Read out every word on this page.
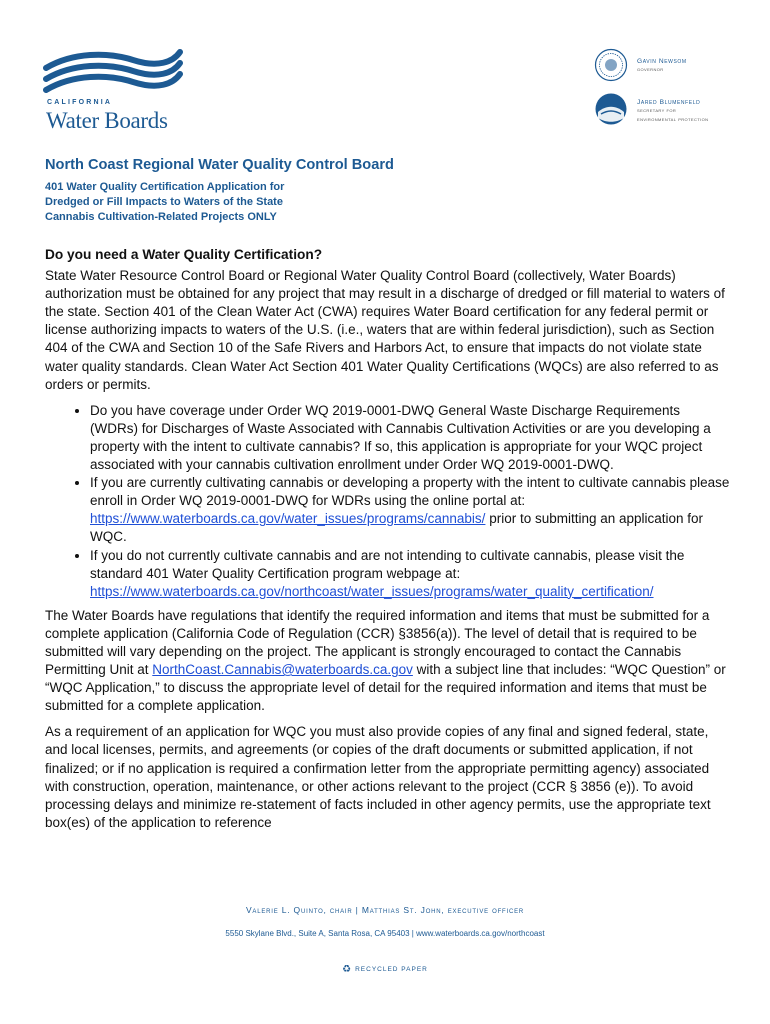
CALIFORNIA
Water Boards
Gavin Newsom
governor
Jared Blumenfeld
secretary for
environmental protection
North Coast Regional Water Quality Control Board
401 Water Quality Certification Application for
Dredged or Fill Impacts to Waters of the State
Cannabis Cultivation-Related Projects ONLY
Do you need a Water Quality Certification?

State Water Resource Control Board or Regional Water Quality Control Board (collectively, Water Boards) authorization must be obtained for any project that may result in a discharge of dredged or fill material to waters of the state. Section 401 of the Clean Water Act (CWA) requires Water Board certification for any federal permit or license authorizing impacts to waters of the U.S. (i.e., waters that are within federal jurisdiction), such as Section 404 of the CWA and Section 10 of the Safe Rivers and Harbors Act, to ensure that impacts do not violate state water quality standards. Clean Water Act Section 401 Water Quality Certifications (WQCs) are also referred to as orders or permits.

• Do you have coverage under Order WQ 2019-0001-DWQ General Waste Discharge Requirements (WDRs) for Discharges of Waste Associated with Cannabis Cultivation Activities or are you developing a property with the intent to cultivate cannabis? If so, this application is appropriate for your WQC project associated with your cannabis cultivation enrollment under Order WQ 2019-0001-DWQ.
• If you are currently cultivating cannabis or developing a property with the intent to cultivate cannabis please enroll in Order WQ 2019-0001-DWQ for WDRs using the online portal at: https://www.waterboards.ca.gov/water_issues/programs/cannabis/ prior to submitting an application for WQC.
• If you do not currently cultivate cannabis and are not intending to cultivate cannabis, please visit the standard 401 Water Quality Certification program webpage at: https://www.waterboards.ca.gov/northcoast/water_issues/programs/water_quality_certification/

The Water Boards have regulations that identify the required information and items that must be submitted for a complete application (California Code of Regulation (CCR) §3856(a)). The level of detail that is required to be submitted will vary depending on the project. The applicant is strongly encouraged to contact the Cannabis Permitting Unit at NorthCoast.Cannabis@waterboards.ca.gov with a subject line that includes: “WQC Question” or “WQC Application,” to discuss the appropriate level of detail for the required information and items that must be submitted for a complete application.

As a requirement of an application for WQC you must also provide copies of any final and signed federal, state, and local licenses, permits, and agreements (or copies of the draft documents or submitted application, if not finalized; or if no application is required a confirmation letter from the appropriate permitting agency) associated with construction, operation, maintenance, or other actions relevant to the project (CCR § 3856 (e)). To avoid processing delays and minimize re-statement of facts included in other agency permits, use the appropriate text box(es) of the application to reference

Valerie L. Quinto, chair | Matthias St. John, executive officer
5550 Skylane Blvd., Suite A, Santa Rosa, CA 95403 | www.waterboards.ca.gov/northcoast
♻ RECYCLED PAPER
